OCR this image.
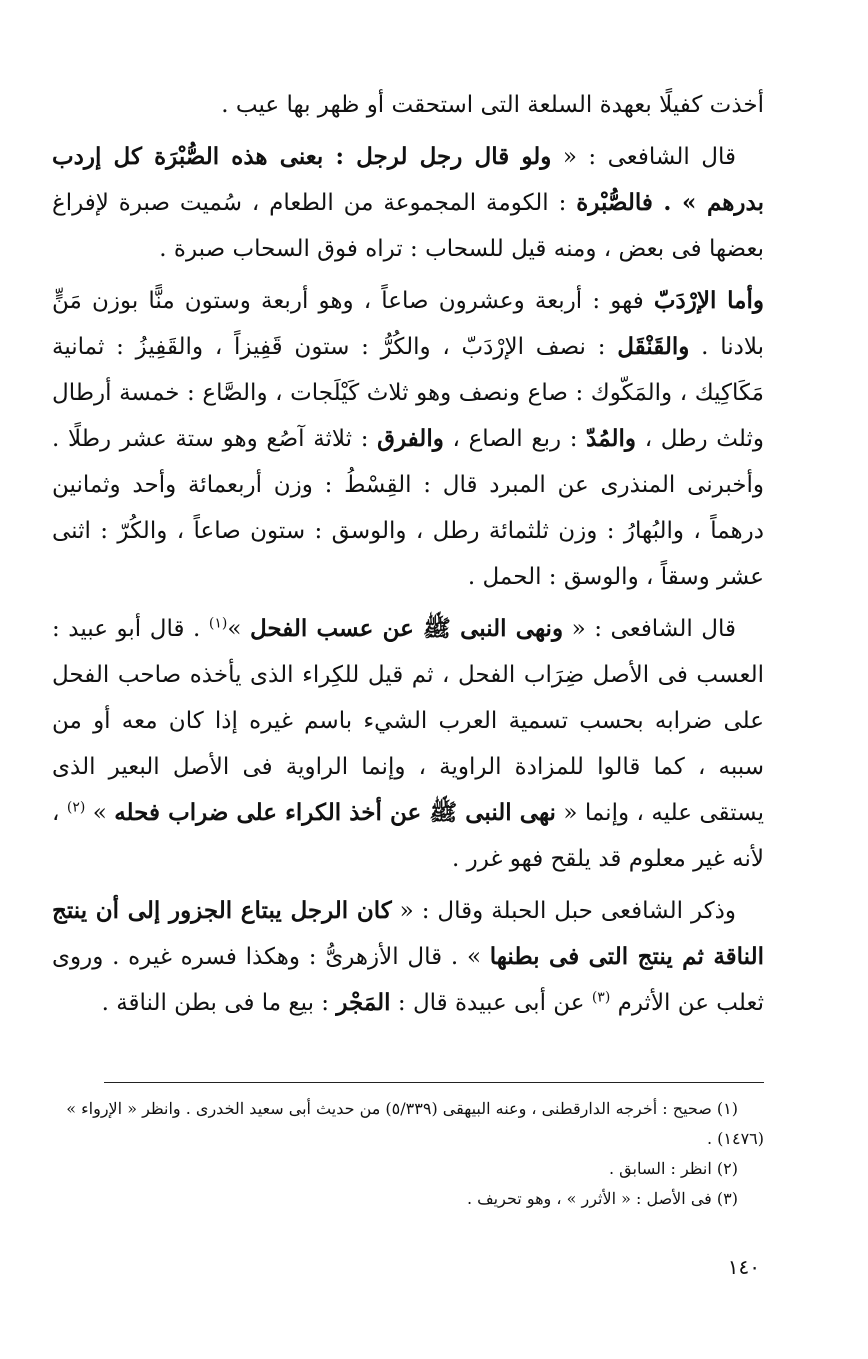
أخذت كفيلًا بعهدة السلعة التى استحقت أو ظهر بها عيب .

قال الشافعى : « ولو قال رجل لرجل : بعنى هذه الصُّبْرَة كل إردب بدرهم » . فالصُّبْرة : الكومة المجموعة من الطعام ، سُميت صبرة لإفراغ بعضها فى بعض ، ومنه قيل للسحاب : تراه فوق السحاب صبرة .

وأما الإرْدَبّ فهو : أربعة وعشرون صاعاً ، وهو أربعة وستون منًّا بوزن مَنٍّ بلادنا . والقَنْقَل : نصف الإرْدَبّ ، والكُرُّ : ستون قَفِيزاً ، والقَفِيزُ : ثمانية مَكَاكِيك ، والمَكّوك : صاع ونصف وهو ثلاث كَيْلَجات ، والصَّاع : خمسة أرطال وثلث رطل ، والمُدّ : ربع الصاع ، والفرق : ثلاثة آصُع وهو ستة عشر رطلًا . وأخبرنى المنذرى عن المبرد قال : القِسْطُ : وزن أربعمائة وأحد وثمانين درهماً ، والبُهارُ : وزن ثلثمائة رطل ، والوسق : ستون صاعاً ، والكُرّ : اثنى عشر وسقاً ، والوسق : الحمل .

قال الشافعى : « ونهى النبى ﷺ عن عسب الفحل »$^{(١)}$ . قال أبو عبيد : العسب فى الأصل ضِرَاب الفحل ، ثم قيل للكِراء الذى يأخذه صاحب الفحل على ضرابه بحسب تسمية العرب الشيء باسم غيره إذا كان معه أو من سببه ، كما قالوا للمزادة الراوية ، وإنما الراوية فى الأصل البعير الذى يستقى عليه ، وإنما « نهى النبى ﷺ عن أخذ الكراء على ضراب فحله » $^{(٢)}$ ، لأنه غير معلوم قد يلقح فهو غرر .

وذكر الشافعى حبل الحبلة وقال : « كان الرجل يبتاع الجزور إلى أن ينتج الناقة ثم ينتج التى فى بطنها » . قال الأزهرىُّ : وهكذا فسره غيره . وروى ثعلب عن الأثرم $^{(٣)}$ عن أبى عبيدة قال : المَجْر : بيع ما فى بطن الناقة .

(١) صحيح : أخرجه الدارقطنى ، وعنه البيهقى (٥/٣٣٩) من حديث أبى سعيد الخدرى . وانظر « الإرواء » (١٤٧٦) .

(٢) انظر : السابق .

(٣) فى الأصل : « الأثرر » ، وهو تحريف .

١٤٠
